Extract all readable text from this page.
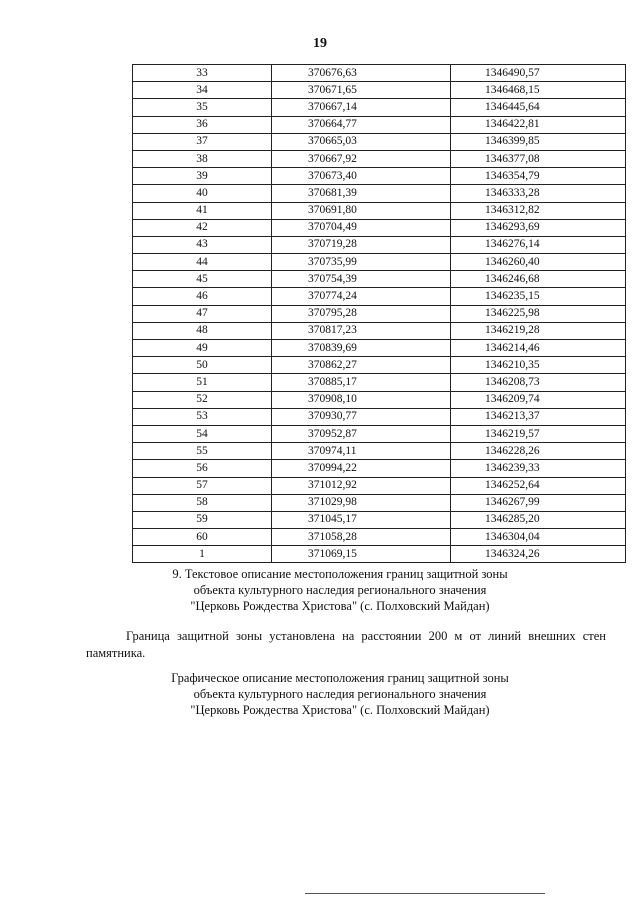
19
33	370676,63	1346490,57
34	370671,65	1346468,15
35	370667,14	1346445,64
36	370664,77	1346422,81
37	370665,03	1346399,85
38	370667,92	1346377,08
39	370673,40	1346354,79
40	370681,39	1346333,28
41	370691,80	1346312,82
42	370704,49	1346293,69
43	370719,28	1346276,14
44	370735,99	1346260,40
45	370754,39	1346246,68
46	370774,24	1346235,15
47	370795,28	1346225,98
48	370817,23	1346219,28
49	370839,69	1346214,46
50	370862,27	1346210,35
51	370885,17	1346208,73
52	370908,10	1346209,74
53	370930,77	1346213,37
54	370952,87	1346219,57
55	370974,11	1346228,26
56	370994,22	1346239,33
57	371012,92	1346252,64
58	371029,98	1346267,99
59	371045,17	1346285,20
60	371058,28	1346304,04
1	371069,15	1346324,26
9. Текстовое описание местоположения границ защитной зоны
объекта культурного наследия регионального значения
"Церковь Рождества Христова" (с. Полховский Майдан)
Граница защитной зоны установлена на расстоянии 200 м от линий внешних стен памятника.
Графическое описание местоположения границ защитной зоны
объекта культурного наследия регионального значения
"Церковь Рождества Христова" (с. Полховский Майдан)
